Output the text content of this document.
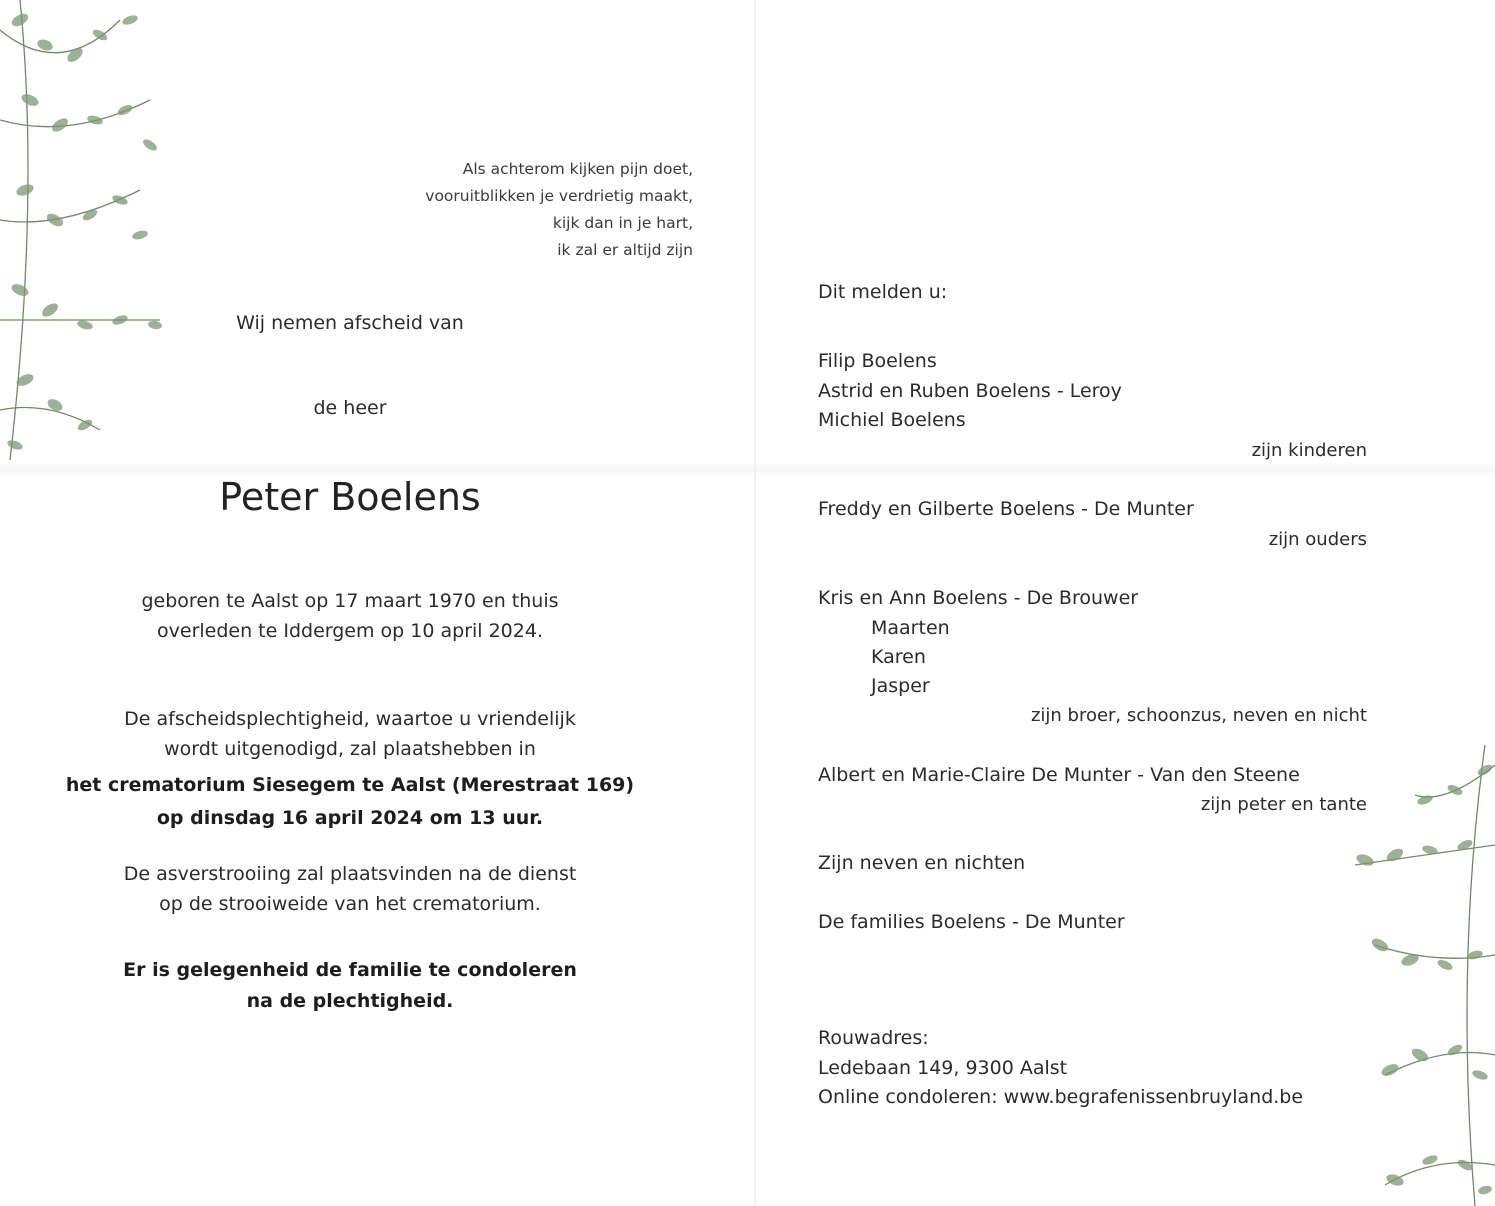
Als achterom kijken pijn doet,
vooruitblikken je verdrietig maakt,
kijk dan in je hart,
ik zal er altijd zijn
Wij nemen afscheid van
de heer
Peter Boelens
geboren te Aalst op 17 maart 1970 en thuis
overleden te Iddergem op 10 april 2024.
De afscheidsplechtigheid, waartoe u vriendelijk
wordt uitgenodigd, zal plaatshebben in
het crematorium Siesegem te Aalst (Merestraat 169)
op dinsdag 16 april 2024 om 13 uur.
De asverstrooiing zal plaatsvinden na de dienst
op de strooiweide van het crematorium.
Er is gelegenheid de familie te condoleren
na de plechtigheid.
Dit melden u:
Filip Boelens
Astrid en Ruben Boelens - Leroy
Michiel Boelens
zijn kinderen
Freddy en Gilberte Boelens - De Munter
zijn ouders
Kris en Ann Boelens - De Brouwer
Maarten
Karen
Jasper
zijn broer, schoonzus, neven en nicht
Albert en Marie-Claire De Munter - Van den Steene
zijn peter en tante
Zijn neven en nichten
De families Boelens - De Munter
Rouwadres:
Ledebaan 149, 9300 Aalst
Online condoleren: www.begrafenissenbruyland.be
